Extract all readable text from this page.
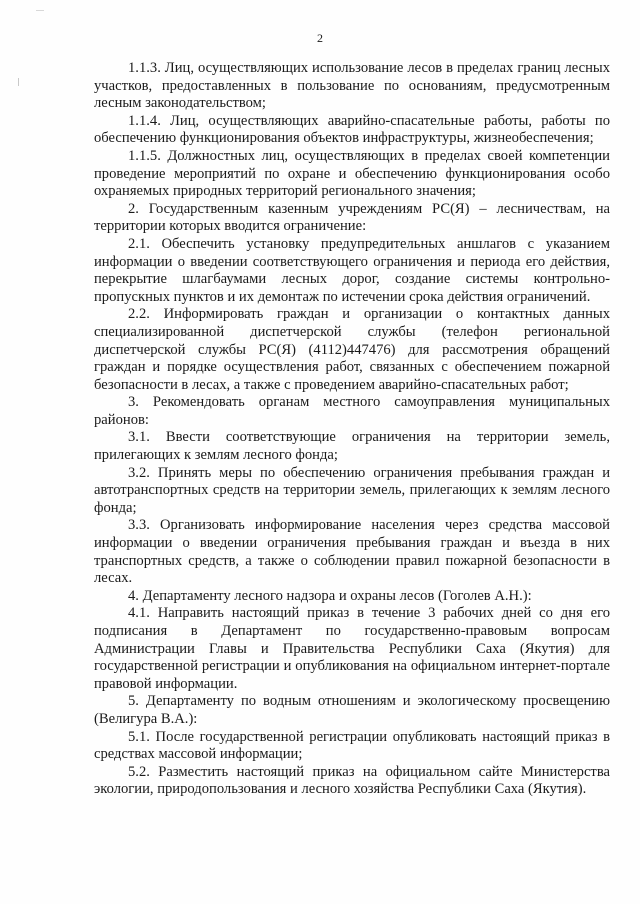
2

1.1.3. Лиц, осуществляющих использование лесов в пределах границ лесных участков, предоставленных в пользование по основаниям, предусмотренным лесным законодательством;

1.1.4. Лиц, осуществляющих аварийно-спасательные работы, работы по обеспечению функционирования объектов инфраструктуры, жизнеобеспечения;

1.1.5. Должностных лиц, осуществляющих в пределах своей компетенции проведение мероприятий по охране и обеспечению функционирования особо охраняемых природных территорий регионального значения;

2. Государственным казенным учреждениям РС(Я) – лесничествам, на территории которых вводится ограничение:

2.1. Обеспечить установку предупредительных аншлагов с указанием информации о введении соответствующего ограничения и периода его действия, перекрытие шлагбаумами лесных дорог, создание системы контрольно-пропускных пунктов и их демонтаж по истечении срока действия ограничений.

2.2. Информировать граждан и организации о контактных данных специализированной диспетчерской службы (телефон региональной диспетчерской службы РС(Я) (4112)447476) для рассмотрения обращений граждан и порядке осуществления работ, связанных с обеспечением пожарной безопасности в лесах, а также с проведением аварийно-спасательных работ;

3. Рекомендовать органам местного самоуправления муниципальных районов:

3.1. Ввести соответствующие ограничения на территории земель, прилегающих к землям лесного фонда;

3.2. Принять меры по обеспечению ограничения пребывания граждан и автотранспортных средств на территории земель, прилегающих к землям лесного фонда;

3.3. Организовать информирование населения через средства массовой информации о введении ограничения пребывания граждан и въезда в них транспортных средств, а также о соблюдении правил пожарной безопасности в лесах.

4. Департаменту лесного надзора и охраны лесов (Гоголев А.Н.):

4.1. Направить настоящий приказ в течение 3 рабочих дней со дня его подписания в Департамент по государственно-правовым вопросам Администрации Главы и Правительства Республики Саха (Якутия) для государственной регистрации и опубликования на официальном интернет-портале правовой информации.

5. Департаменту по водным отношениям и экологическому просвещению (Велигура В.А.):

5.1. После государственной регистрации опубликовать настоящий приказ в средствах массовой информации;

5.2. Разместить настоящий приказ на официальном сайте Министерства экологии, природопользования и лесного хозяйства Республики Саха (Якутия).
